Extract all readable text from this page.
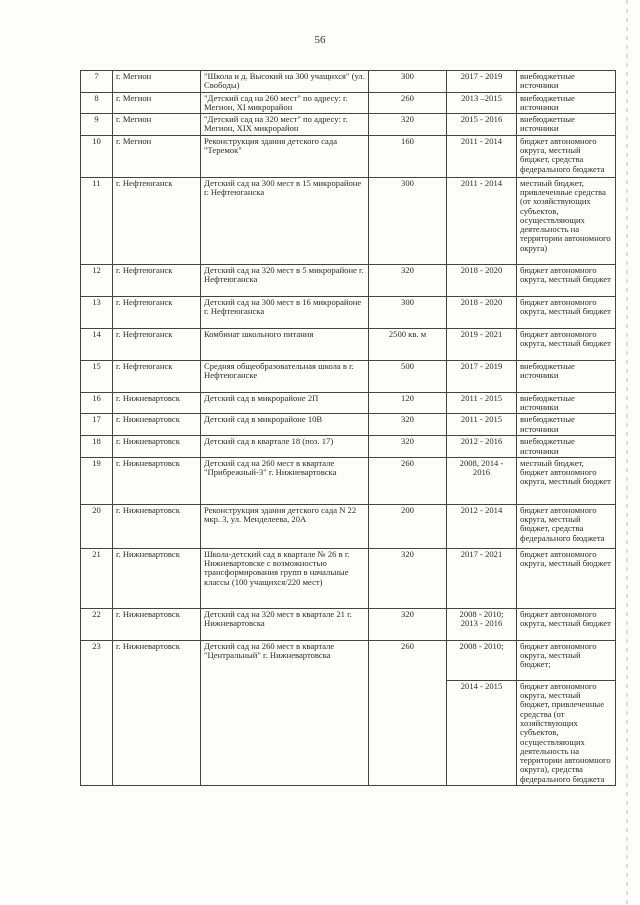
56
7	г. Мегион	"Школа и д. Высокий на 300 учащихся" (ул. Свободы)	300	2017 - 2019	внебюджетные источники
8	г. Мегион	"Детский сад на 260 мест" по адресу: г. Мегион, XI микрорайон	260	2013 –2015	внебюджетные источники
9	г. Мегион	"Детский сад на 320 мест" по адресу: г. Мегион, XIX микрорайон	320	2015 - 2016	внебюджетные источники
10	г. Мегион	Реконструкция здания детского сада "Теремок"	160	2011 - 2014	бюджет автономного округа, местный бюджет, средства федерального бюджета
11	г. Нефтеюганск	Детский сад на 300 мест в 15 микрорайоне г. Нефтеюганска	300	2011 - 2014	местный бюджет, привлеченные средства (от хозяйствующих субъектов, осуществляющих деятельность на территории автономного округа)
12	г. Нефтеюганск	Детский сад на 320 мест в 5 микрорайоне г. Нефтеюганска	320	2018 - 2020	бюджет автономного округа, местный бюджет
13	г. Нефтеюганск	Детский сад на 300 мест в 16 микрорайоне г. Нефтеюганска	300	2018 - 2020	бюджет автономного округа, местный бюджет
14	г. Нефтеюганск	Комбинат школьного питания	2500 кв. м	2019 - 2021	бюджет автономного округа, местный бюджет
15	г. Нефтеюганск	Средняя общеобразовательная школа в г. Нефтеюганске	500	2017 - 2019	внебюджетные источники
16	г. Нижневартовск	Детский сад в микрорайоне 2П	120	2011 - 2015	внебюджетные источники
17	г. Нижневартовск	Детский сад в микрорайоне 10В	320	2011 - 2015	внебюджетные источники
18	г. Нижневартовск	Детский сад в квартале 18 (поз. 17)	320	2012 - 2016	внебюджетные источники
19	г. Нижневартовск	Детский сад на 260 мест в квартале "Прибрежный-3" г. Нижневартовска	260	2008, 2014 - 2016	местный бюджет, бюджет автономного округа, местный бюджет
20	г. Нижневартовск	Реконструкция здания детского сада N 22 мкр. 3, ул. Менделеева, 20А	200	2012 - 2014	бюджет автономного округа, местный бюджет, средства федерального бюджета
21	г. Нижневартовск	Школа-детский сад в квартале № 26 в г. Нижневартовске с возможностью трансформирования групп в начальные классы (100 учащихся/220 мест)	320	2017 - 2021	бюджет автономного округа, местный бюджет
22	г. Нижневартовск	Детский сад на 320 мест в квартале 21 г. Нижневартовска	320	2008 - 2010; 2013 - 2016	бюджет автономного округа, местный бюджет
23	г. Нижневартовск	Детский сад на 260 мест в квартале "Центральный" г. Нижневартовска	260	2008 - 2010;	бюджет автономного округа, местный бюджет;
				2014 - 2015	бюджет автономного округа, местный бюджет, привлеченные средства (от хозяйствующих субъектов, осуществляющих деятельность на территории автономного округа), средства федерального бюджета
